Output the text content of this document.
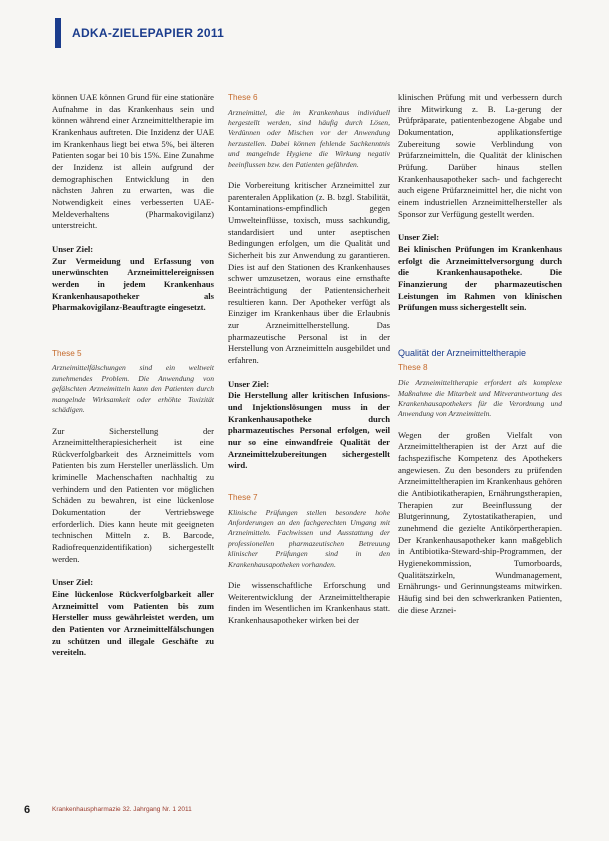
ADKA-ZIELEPAPIER 2011

können UAE können Grund für eine stationäre Aufnahme in das Krankenhaus sein und können während einer Arzneimitteltherapie im Krankenhaus auftreten. Die Inzidenz der UAE im Krankenhaus liegt bei etwa 5%, bei älteren Patienten sogar bei 10 bis 15%. Eine Zunahme der Inzidenz ist allein aufgrund der demographischen Entwicklung in den nächsten Jahren zu erwarten, was die Notwendigkeit eines verbesserten UAE-Meldeverhaltens (Pharmakovigilanz) unterstreicht.

Unser Ziel:

Zur Vermeidung und Erfassung von unerwünschten Arzneimittelereignissen werden in jedem Krankenhaus Krankenhausapotheker als Pharmakovigilanz-Beauftragte eingesetzt.

These 5

Arzneimittelfälschungen sind ein weltweit zunehmendes Problem. Die Anwendung von gefälschten Arzneimitteln kann den Patienten durch mangelnde Wirksamkeit oder erhöhte Toxizität schädigen.

Zur Sicherstellung der Arzneimitteltherapiesicherheit ist eine Rückverfolgbarkeit des Arzneimittels vom Patienten bis zum Hersteller unerlässlich. Um kriminelle Machenschaften nachhaltig zu verhindern und den Patienten vor möglichen Schäden zu bewahren, ist eine lückenlose Dokumentation der Vertriebswege erforderlich. Dies kann heute mit geeigneten technischen Mitteln z. B. Barcode, Radiofrequenzidentifikation) sichergestellt werden.

Unser Ziel:

Eine lückenlose Rückverfolgbarkeit aller Arzneimittel vom Patienten bis zum Hersteller muss gewährleistet werden, um den Patienten vor Arzneimittelfälschungen zu schützen und illegale Geschäfte zu vereiteln.

These 6

Arzneimittel, die im Krankenhaus individuell hergestellt werden, sind häufig durch Lösen, Verdünnen oder Mischen vor der Anwendung herzustellen. Dabei können fehlende Sachkenntnis und mangelnde Hygiene die Wirkung negativ beeinflussen bzw. den Patienten gefährden.

Die Vorbereitung kritischer Arzneimittel zur parenteralen Applikation (z. B. bzgl. Stabilität, Kontaminations-empfindlich gegen Umwelteinflüsse, toxisch, muss sachkundig, standardisiert und unter aseptischen Bedingungen erfolgen, um die Qualität und Sicherheit bis zur Anwendung zu garantieren. Dies ist auf den Stationen des Krankenhauses schwer umzusetzen, woraus eine ernsthafte Beeinträchtigung der Patientensicherheit resultieren kann. Der Apotheker verfügt als Einziger im Krankenhaus über die Erlaubnis zur Arzneimittelherstellung. Das pharmazeutische Personal ist in der Herstellung von Arzneimitteln ausgebildet und erfahren.

Unser Ziel:

Die Herstellung aller kritischen Infusions- und Injektionslösungen muss in der Krankenhausapotheke durch pharmazeutisches Personal erfolgen, weil nur so eine einwandfreie Qualität der Arzneimittelzubereitungen sichergestellt wird.

These 7

Klinische Prüfungen stellen besondere hohe Anforderungen an den fachgerechten Umgang mit Arzneimitteln. Fachwissen und Ausstattung der professionellen pharmazeutischen Betreuung klinischer Prüfungen sind in den Krankenhausapotheken vorhanden.

Die wissenschaftliche Erforschung und Weiterentwicklung der Arzneimitteltherapie finden im Wesentlichen im Krankenhaus statt. Krankenhausapotheker wirken bei der

klinischen Prüfung mit und verbessern durch ihre Mitwirkung z. B. La-gerung der Prüfpräparate, patientenbezogene Abgabe und Dokumentation, applikationsfertige Zubereitung sowie Verblindung von Prüfarzneimitteln, die Qualität der klinischen Prüfung. Darüber hinaus stellen Krankenhausapotheker sach- und fachgerecht auch eigene Prüfarzneimittel her, die nicht von einem industriellen Arzneimittelhersteller als Sponsor zur Verfügung gestellt werden.

Unser Ziel:

Bei klinischen Prüfungen im Krankenhaus erfolgt die Arzneimittelversorgung durch die Krankenhausapotheke. Die Finanzierung der pharmazeutischen Leistungen im Rahmen von klinischen Prüfungen muss sichergestellt sein.

Qualität der Arzneimitteltherapie

These 8

Die Arzneimitteltherapie erfordert als komplexe Maßnahme die Mitarbeit und Mitverantwortung des Krankenhausapothekers für die Verordnung und Anwendung von Arzneimitteln.

Wegen der großen Vielfalt von Arzneimitteltherapien ist der Arzt auf die fachspezifische Kompetenz des Apothekers angewiesen. Zu den besonders zu prüfenden Arzneimitteltherapien im Krankenhaus gehören die Antibiotikatherapien, Ernährungstherapien, Therapien zur Beeinflussung der Blutgerinnung, Zytostatikatherapien, und zunehmend die gezielte Antikörpertherapien. Der Krankenhausapotheker kann maßgeblich in Antibiotika-Steward-ship-Programmen, der Hygienekommission, Tumorboards, Qualitätszirkeln, Wundmanagement, Ernährungs- und Gerinnungsteams mitwirken. Häufig sind bei den schwerkranken Patienten, die diese Arznei-

6	Krankenhauspharmazie 32. Jahrgang Nr. 1 2011
